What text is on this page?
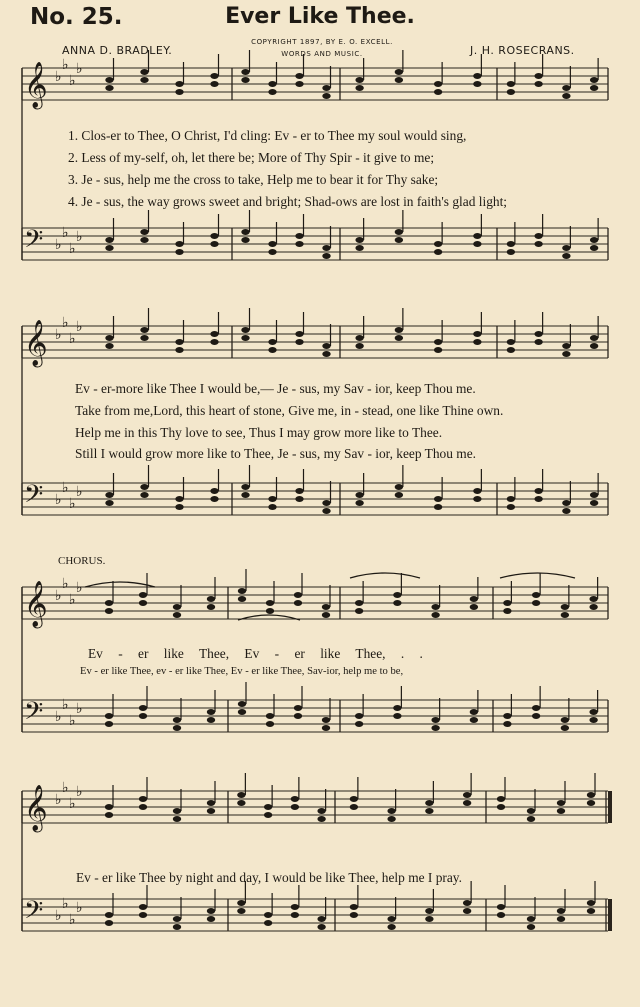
No. 25.	Ever Like Thee.
ANNA D. BRADLEY.
COPYRIGHT 1897, BY E. O. EXCELL.
WORDS AND MUSIC.	J. H. ROSECRANS.
𝄞 ♭
♭
♭
♭
𝄢 ♭
♭
♭
♭
𝄞 ♭
♭
♭
♭
𝄢 ♭
♭
♭
♭
𝄞 ♭
♭
♭
♭
𝄢 ♭
♭
♭
♭
𝄞 ♭
♭
♭
♭
𝄢 ♭
♭
♭
♭
1. Clos-er to Thee, O Christ, I'd cling: Ev - er to Thee my soul would sing,
2. Less of my-self, oh, let there be; More of Thy Spir - it give to me;
3. Je - sus, help me the cross to take, Help me to bear it for Thy sake;
4. Je - sus, the way grows sweet and bright; Shad-ows are lost in faith's glad light;
Ev - er-more like Thee I would be,— Je - sus, my Sav - ior, keep Thou me.
Take from me,Lord, this heart of stone, Give me, in - stead, one like Thine own.
Help me in this Thy love to see, Thus I may grow more like to Thee.
Still I would grow more like to Thee, Je - sus, my Sav - ior, keep Thou me.
CHORUS.
Ev - er like Thee, Ev - er like Thee, . .
Ev - er like Thee, ev - er like Thee, Ev - er like Thee, Sav-ior, help me to be,
Ev - er like Thee by night and day, I would be like Thee, help me I pray.
